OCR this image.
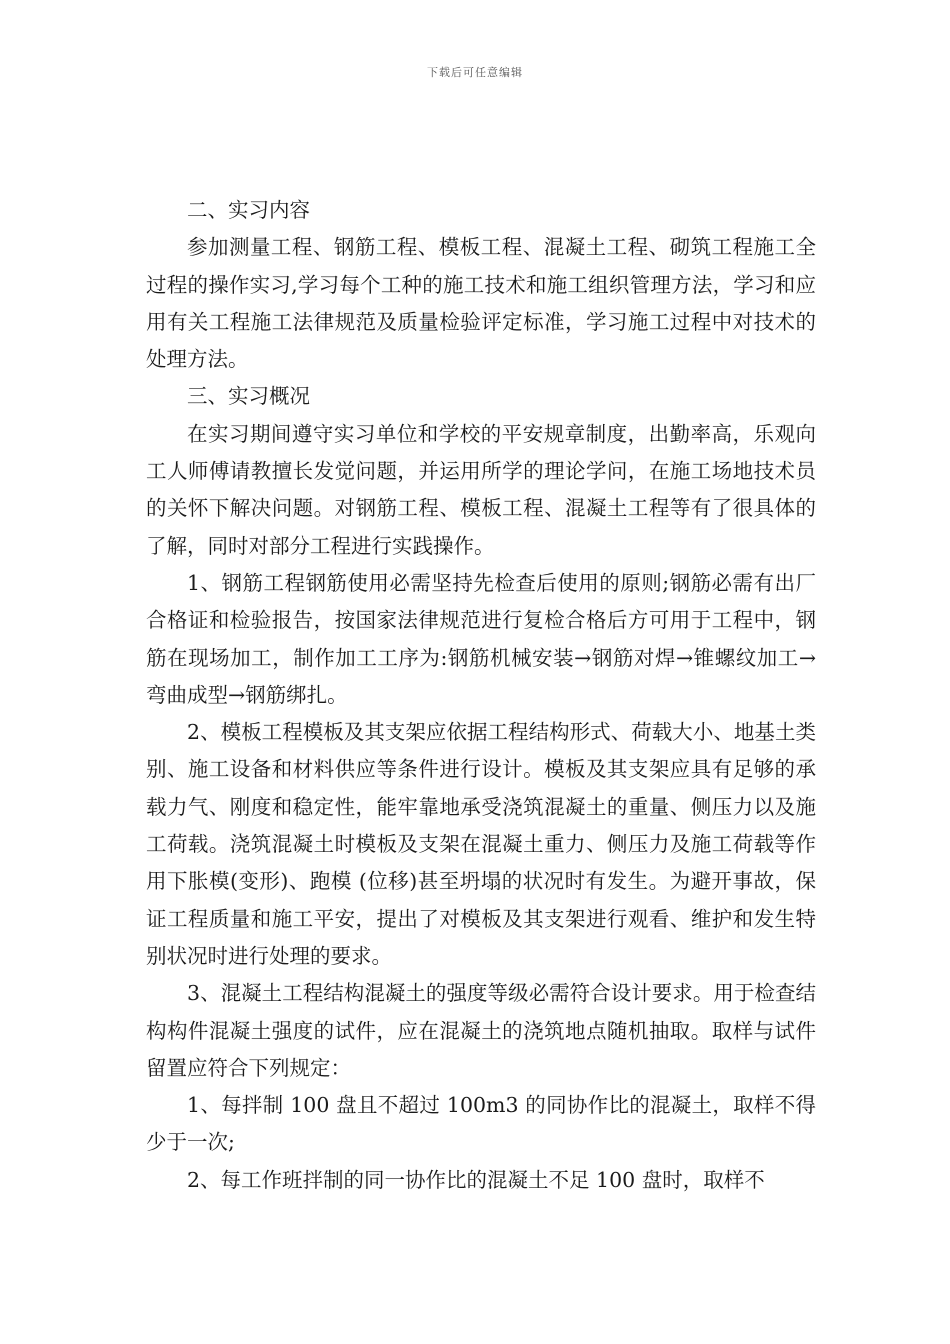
下载后可任意编辑

二、实习内容

参加测量工程、钢筋工程、模板工程、混凝土工程、砌筑工程施工全过程的操作实习,学习每个工种的施工技术和施工组织管理方法，学习和应用有关工程施工法律规范及质量检验评定标准，学习施工过程中对技术的处理方法。

三、实习概况

在实习期间遵守实习单位和学校的平安规章制度，出勤率高，乐观向工人师傅请教擅长发觉问题，并运用所学的理论学问，在施工场地技术员的关怀下解决问题。对钢筋工程、模板工程、混凝土工程等有了很具体的了解，同时对部分工程进行实践操作。

1、钢筋工程钢筋使用必需坚持先检查后使用的原则;钢筋必需有出厂合格证和检验报告，按国家法律规范进行复检合格后方可用于工程中，钢筋在现场加工，制作加工工序为:钢筋机械安装→钢筋对焊→锥螺纹加工→弯曲成型→钢筋绑扎。

2、模板工程模板及其支架应依据工程结构形式、荷载大小、地基土类别、施工设备和材料供应等条件进行设计。模板及其支架应具有足够的承载力气、刚度和稳定性，能牢靠地承受浇筑混凝土的重量、侧压力以及施工荷载。浇筑混凝土时模板及支架在混凝土重力、侧压力及施工荷载等作用下胀模(变形)、跑模 (位移)甚至坍塌的状况时有发生。为避开事故，保证工程质量和施工平安，提出了对模板及其支架进行观看、维护和发生特别状况时进行处理的要求。

3、混凝土工程结构混凝土的强度等级必需符合设计要求。用于检查结构构件混凝土强度的试件，应在混凝土的浇筑地点随机抽取。取样与试件留置应符合下列规定：

1、每拌制 100 盘且不超过 100m3 的同协作比的混凝土，取样不得少于一次;

2、每工作班拌制的同一协作比的混凝土不足 100 盘时，取样不
